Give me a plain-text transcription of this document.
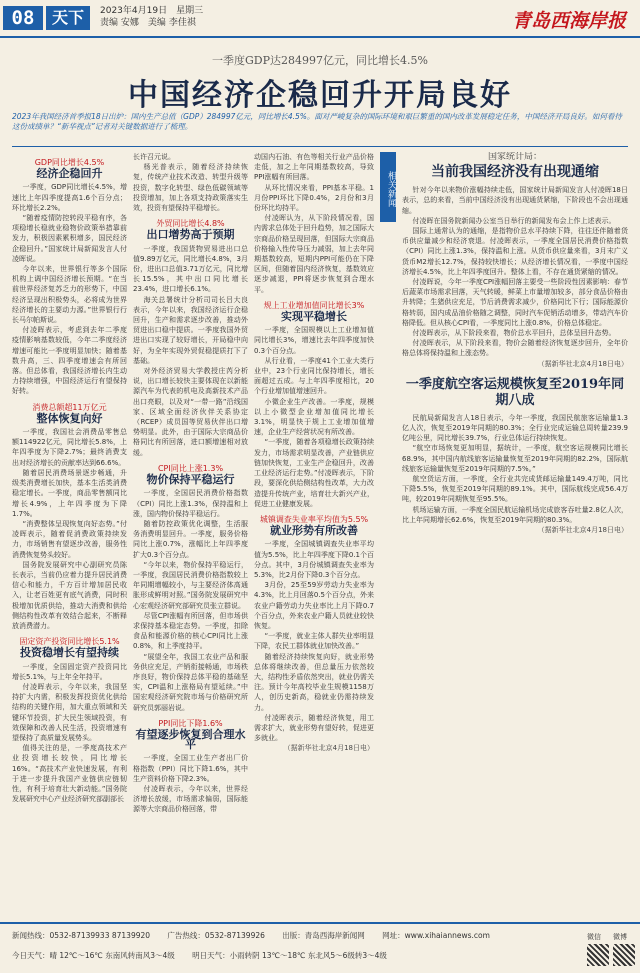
08	天下	2023年4月19日　 星期三
责编 安娜　 美编 李佳祺	青岛西海岸报
一季度GDP达284997亿元，同比增长4.5%
中国经济企稳回升开局良好
2023年我国经济首季报18日出炉：国内生产总值（GDP）284997亿元，同比增长4.5%。面对严峻复杂的国际环境和艰巨繁重的国内改革发展稳定任务，中国经济开局良好。如何看待这份成绩单？“新华视点”记者对关键数据进行了梳理。
GDP同比增长4.5%
经济企稳回升

一季度，GDP同比增长4.5%，增速比上年四季度提高1.6个百分点；环比增长2.2%。

“随着疫情防控转段平稳有序，各项稳增长稳就业稳物价政策举措靠前发力，积极因素累积增多，国民经济企稳回升。”国家统计局新闻发言人付凌晖说。

今年以来，世界银行等多个国际机构上调中国经济增长预期。“在当前世界经济复苏乏力的形势下，中国经济呈现出积极势头，必将成为世界经济增长的主要动力源。”世界银行行长马尔帕斯说。

付凌晖表示，考虑到去年二季度疫情影响基数较低，今年二季度经济增速可能比一季度明显加快；随着基数升高，三、四季度增速会有所回落。但总体看，我国经济增长内生动力持续增强，中国经济运行有望保持好转。

消费总额超11万亿元
整体恢复向好

一季度，我国社会消费品零售总额114922亿元，同比增长5.8%，上年四季度为下降2.7%；最终消费支出对经济增长的贡献率达到66.6%。

随着居民消费场景逐步畅通，升级类消费增长加快，基本生活类消费稳定增长。一季度，商品零售额同比增长4.9%，上年四季度为下降1.7%。

“消费整体呈现恢复向好态势。”付凌晖表示，随着促消费政策持续发力，市场销售有望逐步改善，服务性消费恢复势头较好。

国务院发展研究中心副研究员陈长表示，当前仍应着力提升居民消费信心和能力，千方百计增加居民收入，让老百姓更有底气消费，同时积极增加优质供给，推动大消费和供给侧结构性改革有效结合起来，不断释放消费潜力。

固定资产投资同比增长5.1%
投资稳增长有望持续

一季度，全国固定资产投资同比增长5.1%，与上年全年持平。

付凌晖表示，今年以来，我国坚持扩大内需，积极发挥投资优化供给结构的关键作用，加大重点领域和关键环节投资，扩大民生领域投资，有效保障和改善人民生活，投资增速有望保持了高质量发展势头。

值得关注的是，一季度高技术产业投资增长较快，同比增长16%。“高技术产业快速发展，有利于进一步提升我国产业链供应链韧性，有利于培育壮大新动能。”国务院发展研究中心产业经济研究部副部长

长许召元说。

杨光普表示，随着经济持续恢复，传统产业技术改造、转型升级等投资，数字化转型、绿色低碳领域等投资增加，加上各项支持政策落实生效，投资有望保持平稳增长。

外贸同比增长4.8%
出口增势高于预期

一季度，我国货物贸易进出口总值9.89万亿元，同比增长4.8%，3月份，进出口总值3.71万亿元，同比增长15.5%，其中出口同比增长23.4%，进口增长6.1%。

海关总署统计分析司司长吕大良表示，今年以来，我国经济运行企稳回升，生产和需求逐步改善，推动外贸进出口稳中提质。一季度我国外贸进出口实现了较好增长，开局稳中向好，为全年实现外贸促稳提质打下了基础。

对外经济贸易大学教授庄芮分析说，出口增长较快主要体现在以新能源汽车为代表的机电及高新技术产品出口亮眼，以及对“一带一路”沿线国家、区域全面经济伙伴关系协定（RCEP）成员国等贸易伙伴出口增势明显。此外，由于国际大宗商品价格同比有所回落，进口额增速相对放缓。

CPI同比上涨1.3%
物价保持平稳运行

一季度，全国居民消费价格指数（CPI）同比上涨1.3%，保持温和上涨，国内物价保持平稳运行。

随着防控政策优化调整，生活服务消费明显回升。一季度，服务价格同比上涨0.7%，涨幅比上年四季度扩大0.3个百分点。

“今年以来，物价保持平稳运行，一季度，我国居民消费价格指数较上年同期增幅较小，与主要经济体高通胀形成鲜明对照。”国务院发展研究中心宏观经济研究部研究员张立群说。

尽管CPI涨幅有所回落，但市场供求保持基本稳定态势。一季度，扣除食品和能源价格的核心CPI同比上涨0.8%，和上季度持平。

“展望全年，我国工农业产品和服务供应充足，产销衔接畅通，市场秩序良好，物价保持总体平稳的基础坚实，CPI温和上涨格局有望延续。”中国宏观经济研究院市场与价格研究所研究员郭丽岩说。

PPI同比下降1.6%
有望逐步恢复到合理水平

一季度，全国工业生产者出厂价格指数（PPI）同比下降1.6%，其中生产资料价格下降2.3%。

付凌晖表示，今年以来，世界经济增长放缓，市场需求偏弱，国际能源等大宗商品价格回落，带

动国内石油、有色等相关行业产品价格走低，加之上年同期基数较高，导致PPI涨幅有所回落。

从环比情况来看，PPI基本平稳。1月份PPI环比下降0.4%，2月份和3月份环比均持平。

付凌晖认为，从下阶段情况看，国内需求总体处于回升趋势，加之国际大宗商品价格呈现回落，但国际大宗商品价格输入性传导压力减弱，加上去年同期基数较高，短期内PPI可能仍在下降区间，但随着国内经济恢复，基数效应逐步减退，PPI将逐步恢复到合理水平。

规上工业增加值同比增长3%
实现平稳增长

一季度，全国规模以上工业增加值同比增长3%，增速比去年四季度加快0.3个百分点。

从行业看，一季度41个工业大类行业中，23个行业同比保持增长，增长面超过五成。与上年四季度相比，20个行业增加值增速回升。

小微企业生产改善。一季度，规模以上小微型企业增加值同比增长3.1%，明显快于规上工业增加值增速，企业生产经营状况有所改善。

“一季度，随着各项稳增长政策持续发力，市场需求明显改善，产业链供应链加快恢复，工业生产企稳回升，改善工业经济运行走势。”付凌晖表示，下阶段，要深化供给侧结构性改革，大力改造提升传统产业，培育壮大新兴产业，促进工业健康发展。

城镇调查失业率平均值为5.5%
就业形势有所改善

一季度，全国城镇调查失业率平均值为5.5%，比上年四季度下降0.1个百分点。其中，3月份城镇调查失业率为5.3%，比2月份下降0.3个百分点。

3月份，25至59岁劳动力失业率为4.3%，比上月回落0.5个百分点，外来农业户籍劳动力失业率比上月下降0.7个百分点，外来农业户籍人员就业较快恢复。

“一季度，就业主体人群失业率明显下降，农民工群体就业加快改善。”

随着经济持续恢复向好，就业形势总体将继续改善，但总量压力依然较大，结构性矛盾依然突出，就业仍需关注。预计今年高校毕业生规模1158万人，创历史新高，稳就业仍需持续发力。

付凌晖表示，随着经济恢复，用工需求扩大，就业形势有望好转，促进更多就业。

（据新华社北京4月18日电）
相关新闻
国家统计局：
当前我国经济没有出现通缩

针对今年以来物价涨幅持续走低，国家统计局新闻发言人付凌晖18日表示，总的来看，当前中国经济没有出现通货紧缩，下阶段也不会出现通缩。

付凌晖在国务院新闻办公室当日举行的新闻发布会上作上述表示。

国际上通常认为的通缩，是指物价总水平持续下降，往往还伴随着货币供应量减少和经济衰退。付凌晖表示，一季度全国居民消费价格指数（CPI）同比上涨1.3%，保持温和上涨。从货币供应量来看，3月末广义货币M2增长12.7%，保持较快增长；从经济增长情况看，一季度中国经济增长4.5%，比上年四季度回升。整体上看，不存在通货紧缩的情况。

付凌晖说，今年一季度CPI涨幅回落主要受一些阶段性因素影响：春节后蔬菜市场需求回落，天气转暖，鲜菜上市量增加较多，部分食品价格由升转降；生猪供应充足，节后消费需求减少，价格同比下行；国际能源价格转弱，国内成品油价格随之调整，同时汽车促销活动增多，带动汽车价格降低。但从核心CPI看，一季度同比上涨0.8%，价格总体稳定。

付凌晖表示，从下阶段来看，物价总水平回升，总体呈回升态势。

付凌晖表示，从下阶段来看，物价会随着经济恢复逐步回升，全年价格总体将保持温和上涨态势。

（据新华社北京4月18日电）
一季度航空客运规模恢复至2019年同期八成

民航局新闻发言人18日表示，今年一季度，我国民航旅客运输量1.3亿人次，恢复至2019年同期的80.3%；全行业完成运输总周转量239.9亿吨公里，同比增长39.7%，行业总体运行持续恢复。

“航空市场恢复更加明显，据统计，一季度，航空客运规模同比增长68.9%，其中国内航线旅客运输量恢复至2019年同期的82.2%，国际航线旅客运输量恢复至2019年同期的7.5%。”

航空货运方面，一季度，全行业共完成货邮运输量149.4万吨，同比下降5.5%，恢复至2019年同期的89.1%。其中，国际航线完成56.4万吨，较2019年同期恢复至95.5%。

机场运输方面，一季度全国民航运输机场完成旅客吞吐量2.8亿人次，比上年同期增长62.6%，恢复至2019年同期的80.3%。

（据新华社北京4月18日电）
新闻热线：0532-87139933 87139920　　 广告热线：0532-87139926　　 出版：青岛西海岸新闻网　　 网址：www.xihaiannews.com
今日天气：晴 12℃～16℃ 东南风转南风3～4级　　 明日天气：小雨转阴 13℃～18℃ 东北风5～6级转3～4级
微信 微博
